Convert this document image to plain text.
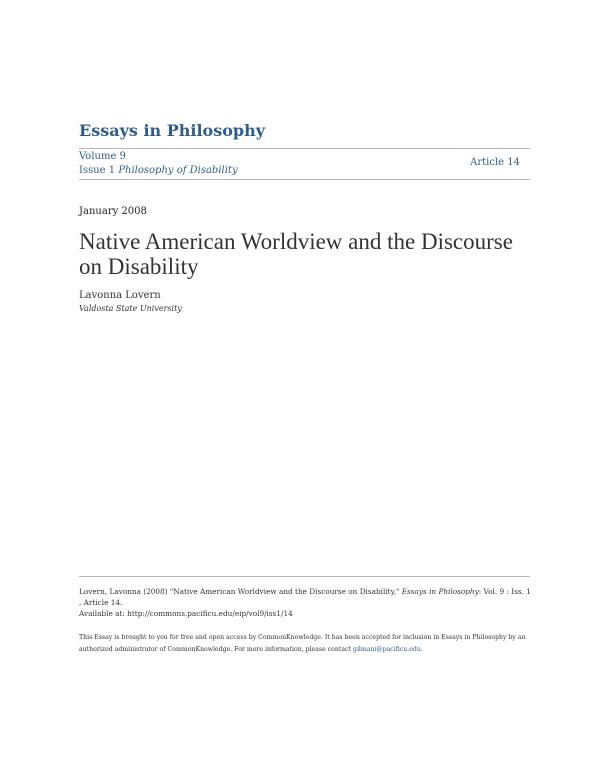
Essays in Philosophy
Volume 9
Issue 1 Philosophy of Disability
Article 14
January 2008
Native American Worldview and the Discourse on Disability
Lavonna Lovern
Valdosta State University
Lovern, Lavonna (2008) "Native American Worldview and the Discourse on Disability," Essays in Philosophy: Vol. 9 : Iss. 1 , Article 14.
Available at: http://commons.pacificu.edu/eip/vol9/iss1/14
This Essay is brought to you for free and open access by CommonKnowledge. It has been accepted for inclusion in Essays in Philosophy by an authorized administrator of CommonKnowledge. For more information, please contact gilmani@pacificu.edu.
